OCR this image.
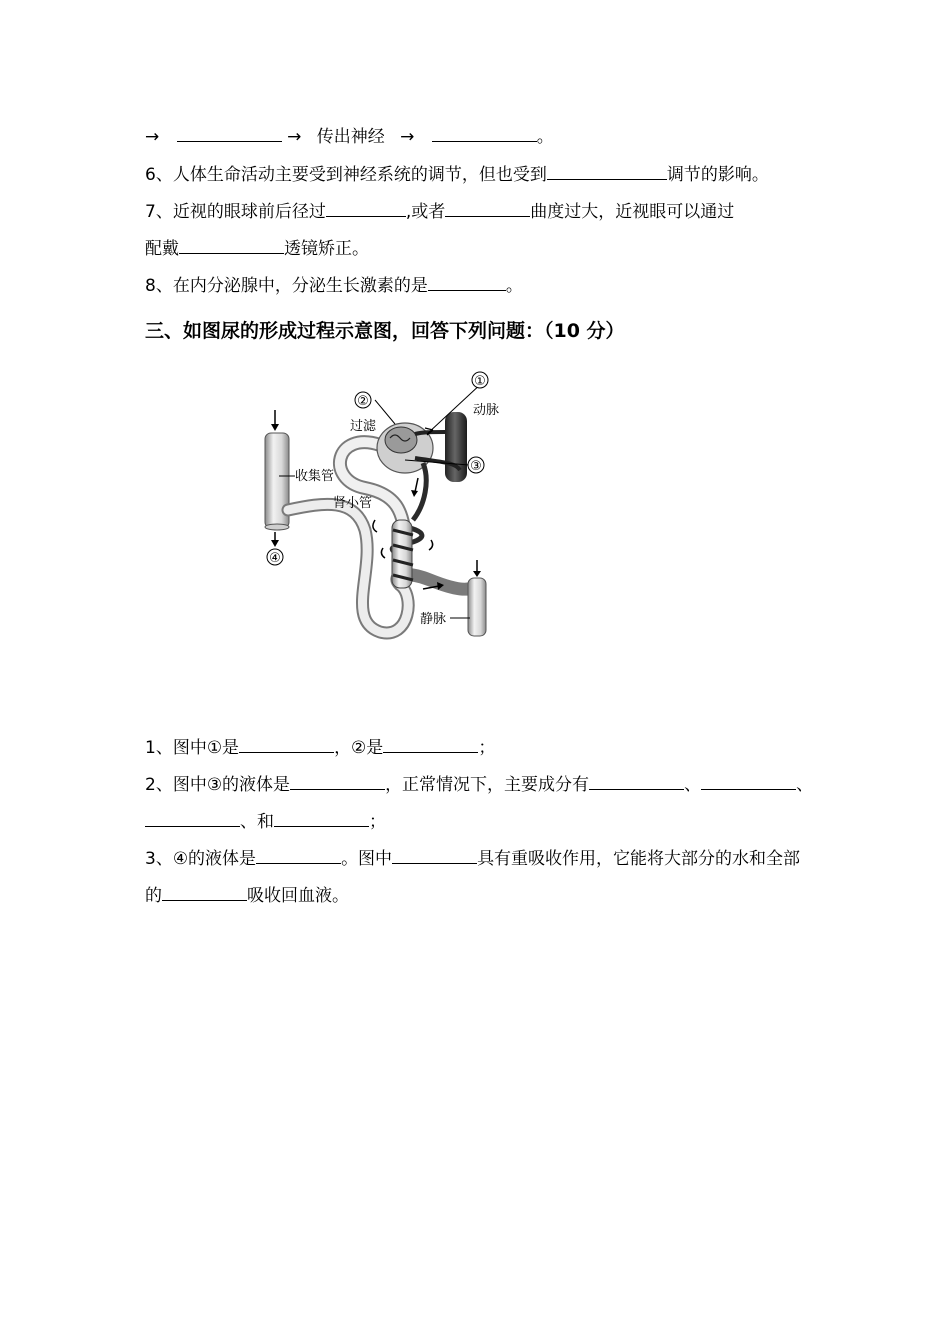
→	→ 传出神经 →	。
6、人体生命活动主要受到神经系统的调节，但也受到	调节的影响。
7、近视的眼球前后径过	,或者	曲度过大，近视眼可以通过
配戴	透镜矫正。
8、在内分泌腺中，分泌生长激素的是	。
三、如图尿的形成过程示意图，回答下列问题：（10 分）
①
②
③
④
过滤
动脉
收集管
肾小管
静脉
1、图中①是	，②是	；
2、图中③的液体是	，正常情况下，主要成分有	、	、
、和	；
3、④的液体是	。图中	具有重吸收作用，它能将大部分的水和全部
的	吸收回血液。
